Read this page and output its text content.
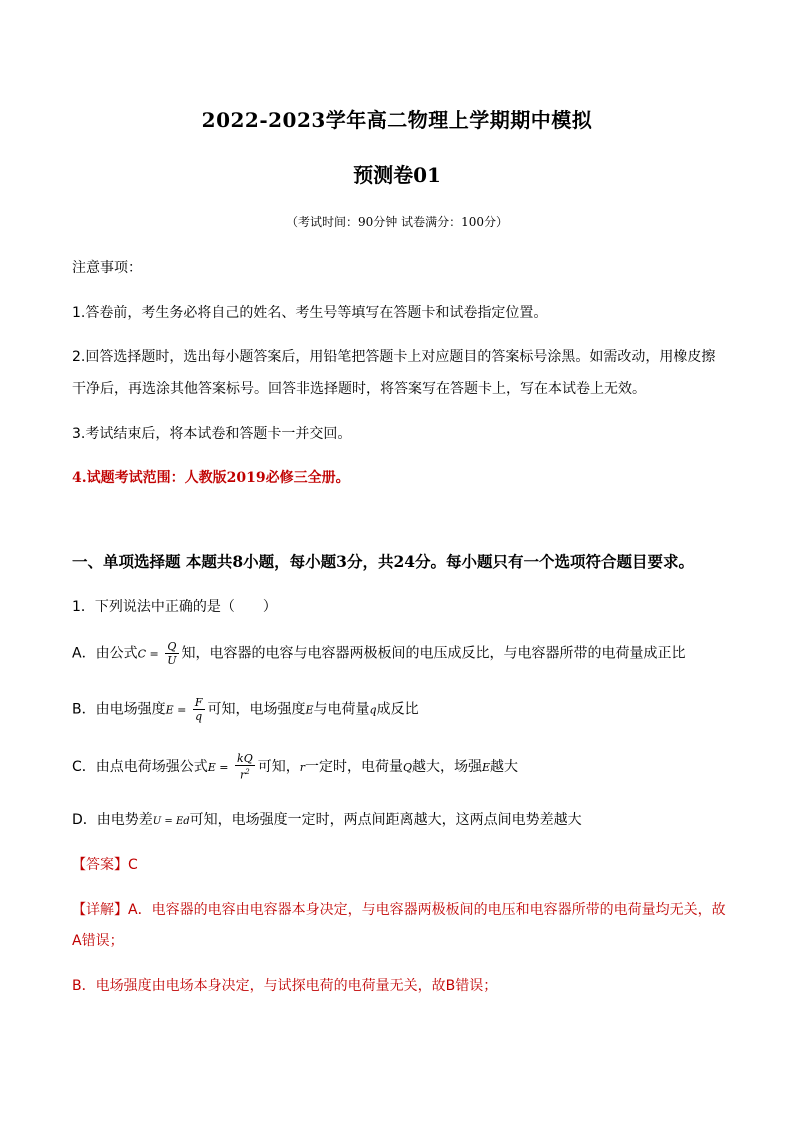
2022-2023学年高二物理上学期期中模拟
预测卷01
（考试时间：90分钟 试卷满分：100分）
注意事项：
1.答卷前，考生务必将自己的姓名、考生号等填写在答题卡和试卷指定位置。
2.回答选择题时，选出每小题答案后，用铅笔把答题卡上对应题目的答案标号涂黑。如需改动，用橡皮擦
干净后，再选涂其他答案标号。回答非选择题时，将答案写在答题卡上，写在本试卷上无效。
3.考试结束后，将本试卷和答题卡一并交回。
4.试题考试范围：人教版2019必修三全册。
一、单项选择题 本题共8小题，每小题3分，共24分。每小题只有一个选项符合题目要求。
1．下列说法中正确的是（　　）
A．由公式$C = \frac{Q}{U}$ 知，电容器的电容与电容器两极板间的电压成反比，与电容器所带的电荷量成正比
B．由电场强度$E = \frac{F}{q}$ 可知，电场强度E与电荷量q成反比
C．由点电荷场强公式$E = \frac{kQ}{r^2}$ 可知，r一定时，电荷量Q越大，场强E越大
D．由电势差U = Ed可知，电场强度一定时，两点间距离越大，这两点间电势差越大
【答案】C
【详解】A．电容器的电容由电容器本身决定，与电容器两极板间的电压和电容器所带的电荷量均无关，故
A错误；
B．电场强度由电场本身决定，与试探电荷的电荷量无关，故B错误；
